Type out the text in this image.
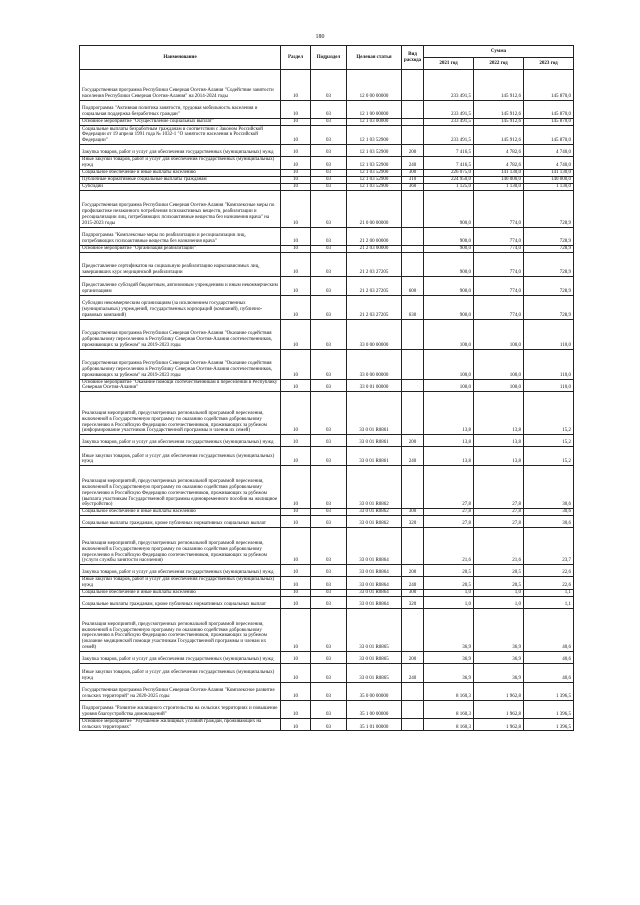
180
Наименование	Раздел	Подраздел	Целевая статья	Вид расхода	Сумма		
					2021 год	2022 год	2023 год
Государственная программа Республики Северная Осетия-Алания "Содействие занятости населения Республики Северная Осетия-Алания" на 2014-2024 годы	10	03	12 0 00 00000		233 491,5	145 912,6	145 870,0
Подпрограмма "Активная политика занятости, трудовая мобильность населения и социальная поддержка безработных граждан"	10	03	12 1 00 00000		233 491,5	145 912,6	145 870,0
Основное мероприятие "Осуществление социальных выплат"	10	03	12 1 03 00000		233 491,5	145 912,6	145 870,0
Социальные выплаты безработным гражданам в соответствии с Законом Российской Федерации от 19 апреля 1991 года № 1032-1 "О занятости населения в Российской Федерации"	10	03	12 1 03 52900		233 491,5	145 912,6	145 870,0
Закупка товаров, работ и услуг для обеспечения государственных (муниципальных) нужд	10	03	12 1 03 52900	200	7 416,5	4 782,6	4 740,0
Иные закупки товаров, работ и услуг для обеспечения государственных (муниципальных) нужд	10	03	12 1 03 52900	240	7 416,5	4 782,6	4 740,0
Социальное обеспечение и иные выплаты населению	10	03	12 1 03 52900	300	226 075,0	141 130,0	141 130,0
Публичные нормативные социальные выплаты гражданам	10	03	12 1 03 52900	310	224 950,0	140 000,0	140 000,0
Субсидии	10	03	12 1 03 52900	360	1 125,0	1 130,0	1 130,0
Государственная программа Республики Северная Осетия-Алания "Комплексные меры по профилактике незаконного потребления психоактивных веществ, реабилитации и ресоциализации лиц, потребляющих психоактивные вещества без назначения врача" на 2015-2023 годы	10	03	21 0 00 00000		900,0	774,0	728,9
Подпрограмма "Комплексные меры по реабилитации и ресоциализации лиц, потребляющих психоактивные вещества без назначения врача"	10	03	21 2 00 00000		900,0	774,0	728,9
Основное мероприятие "Организация реабилитации"	10	03	21 2 03 00000		900,0	774,0	728,9
Предоставление сертификатов на социальную реабилитацию наркозависимых лиц, завершивших курс медицинской реабилитации	10	03	21 2 03 27205		900,0	774,0	728,9
Предоставление субсидий бюджетным, автономным учреждениям и иным некоммерческим организациям	10	03	21 2 03 27205	600	900,0	774,0	728,9
Субсидии некоммерческим организациям (за исключением государственных (муниципальных) учреждений, государственных корпораций (компаний), публично-правовых компаний)	10	03	21 2 03 27205	630	900,0	774,0	728,9
Государственная программа Республики Северная Осетия-Алания "Оказание содействия добровольному переселению в Республику Северная Осетия-Алания соотечественников, проживающих за рубежом" на 2019-2023 годы	10	03	33 0 00 00000		100,0	100,0	110,0
Государственная программа Республики Северная Осетия-Алания "Оказание содействия добровольному переселению в Республику Северная Осетия-Алания соотечественников, проживающих за рубежом" на 2019-2023 годы	10	03	33 0 00 00000		100,0	100,0	110,0
Основное мероприятие "Оказание помощи соотечественникам в переселении в Республику Северная Осетия-Алания"	10	03	33 0 01 00000		100,0	100,0	110,0
Реализация мероприятий, предусмотренных региональной программой переселения, включенной в Государственную программу по оказанию содействия добровольному переселению в Российскую Федерацию соотечественников, проживающих за рубежом (информирование участников Государственной программы и членов их семей)	10	03	33 0 01 R0861		13,8	13,8	15,2
Закупка товаров, работ и услуг для обеспечения государственных (муниципальных) нужд	10	03	33 0 01 R0861	200	13,8	13,8	15,2
Иные закупки товаров, работ и услуг для обеспечения государственных (муниципальных) нужд	10	03	33 0 01 R0861	240	13,8	13,8	15,2
Реализация мероприятий, предусмотренных региональной программой переселения, включенной в Государственную программу по оказанию содействия добровольному переселению в Российскую Федерацию соотечественников, проживающих за рубежом (выплата участникам Государственной программы единовременного пособия на жилищное обустройство)	10	03	33 0 01 R0862		27,8	27,8	30,6
Социальное обеспечение и иные выплаты населению	10	03	33 0 01 R0862	300	27,8	27,8	30,6
Социальные выплаты гражданам, кроме публичных нормативных социальных выплат	10	03	33 0 01 R0862	320	27,8	27,8	30,6
Реализация мероприятий, предусмотренных региональной программой переселения, включенной в Государственную программу по оказанию содействия добровольному переселению в Российскую Федерацию соотечественников, проживающих за рубежом (услуги службы занятости населения)	10	03	33 0 01 R0864		21,6	21,6	23,7
Закупка товаров, работ и услуг для обеспечения государственных (муниципальных) нужд	10	03	33 0 01 R0864	200	20,5	20,5	22,6
Иные закупки товаров, работ и услуг для обеспечения государственных (муниципальных) нужд	10	03	33 0 01 R0864	240	20,5	20,5	22,6
Социальное обеспечение и иные выплаты населению	10	03	33 0 01 R0864	300	1,0	1,0	1,1
Социальные выплаты гражданам, кроме публичных нормативных социальных выплат	10	03	33 0 01 R0864	320	1,0	1,0	1,1
Реализация мероприятий, предусмотренных региональной программой переселения, включенной в Государственную программу по оказанию содействия добровольному переселению в Российскую Федерацию соотечественников, проживающих за рубежом (оказание медицинской помощи участникам Государственной программы и членам их семей)	10	03	33 0 01 R0865		36,9	36,9	40,6
Закупка товаров, работ и услуг для обеспечения государственных (муниципальных) нужд	10	03	33 0 01 R0865	200	36,9	36,9	40,6
Иные закупки товаров, работ и услуг для обеспечения государственных (муниципальных) нужд	10	03	33 0 01 R0865	240	36,9	36,9	40,6
Государственная программа Республики Северная Осетия-Алания "Комплексное развитие сельских территорий" на 2020-2025 годы	10	03	35 0 00 00000		8 160,3	1 962,8	1 396,5
Подпрограмма "Развитие жилищного строительства на сельских территориях и повышение уровня благоустройства домовладений"	10	03	35 1 00 00000		8 160,3	1 962,8	1 396,5
Основное мероприятие "Улучшение жилищных условий граждан, проживающих на сельских территориях"	10	03	35 1 01 00000		8 160,3	1 962,8	1 396,5
